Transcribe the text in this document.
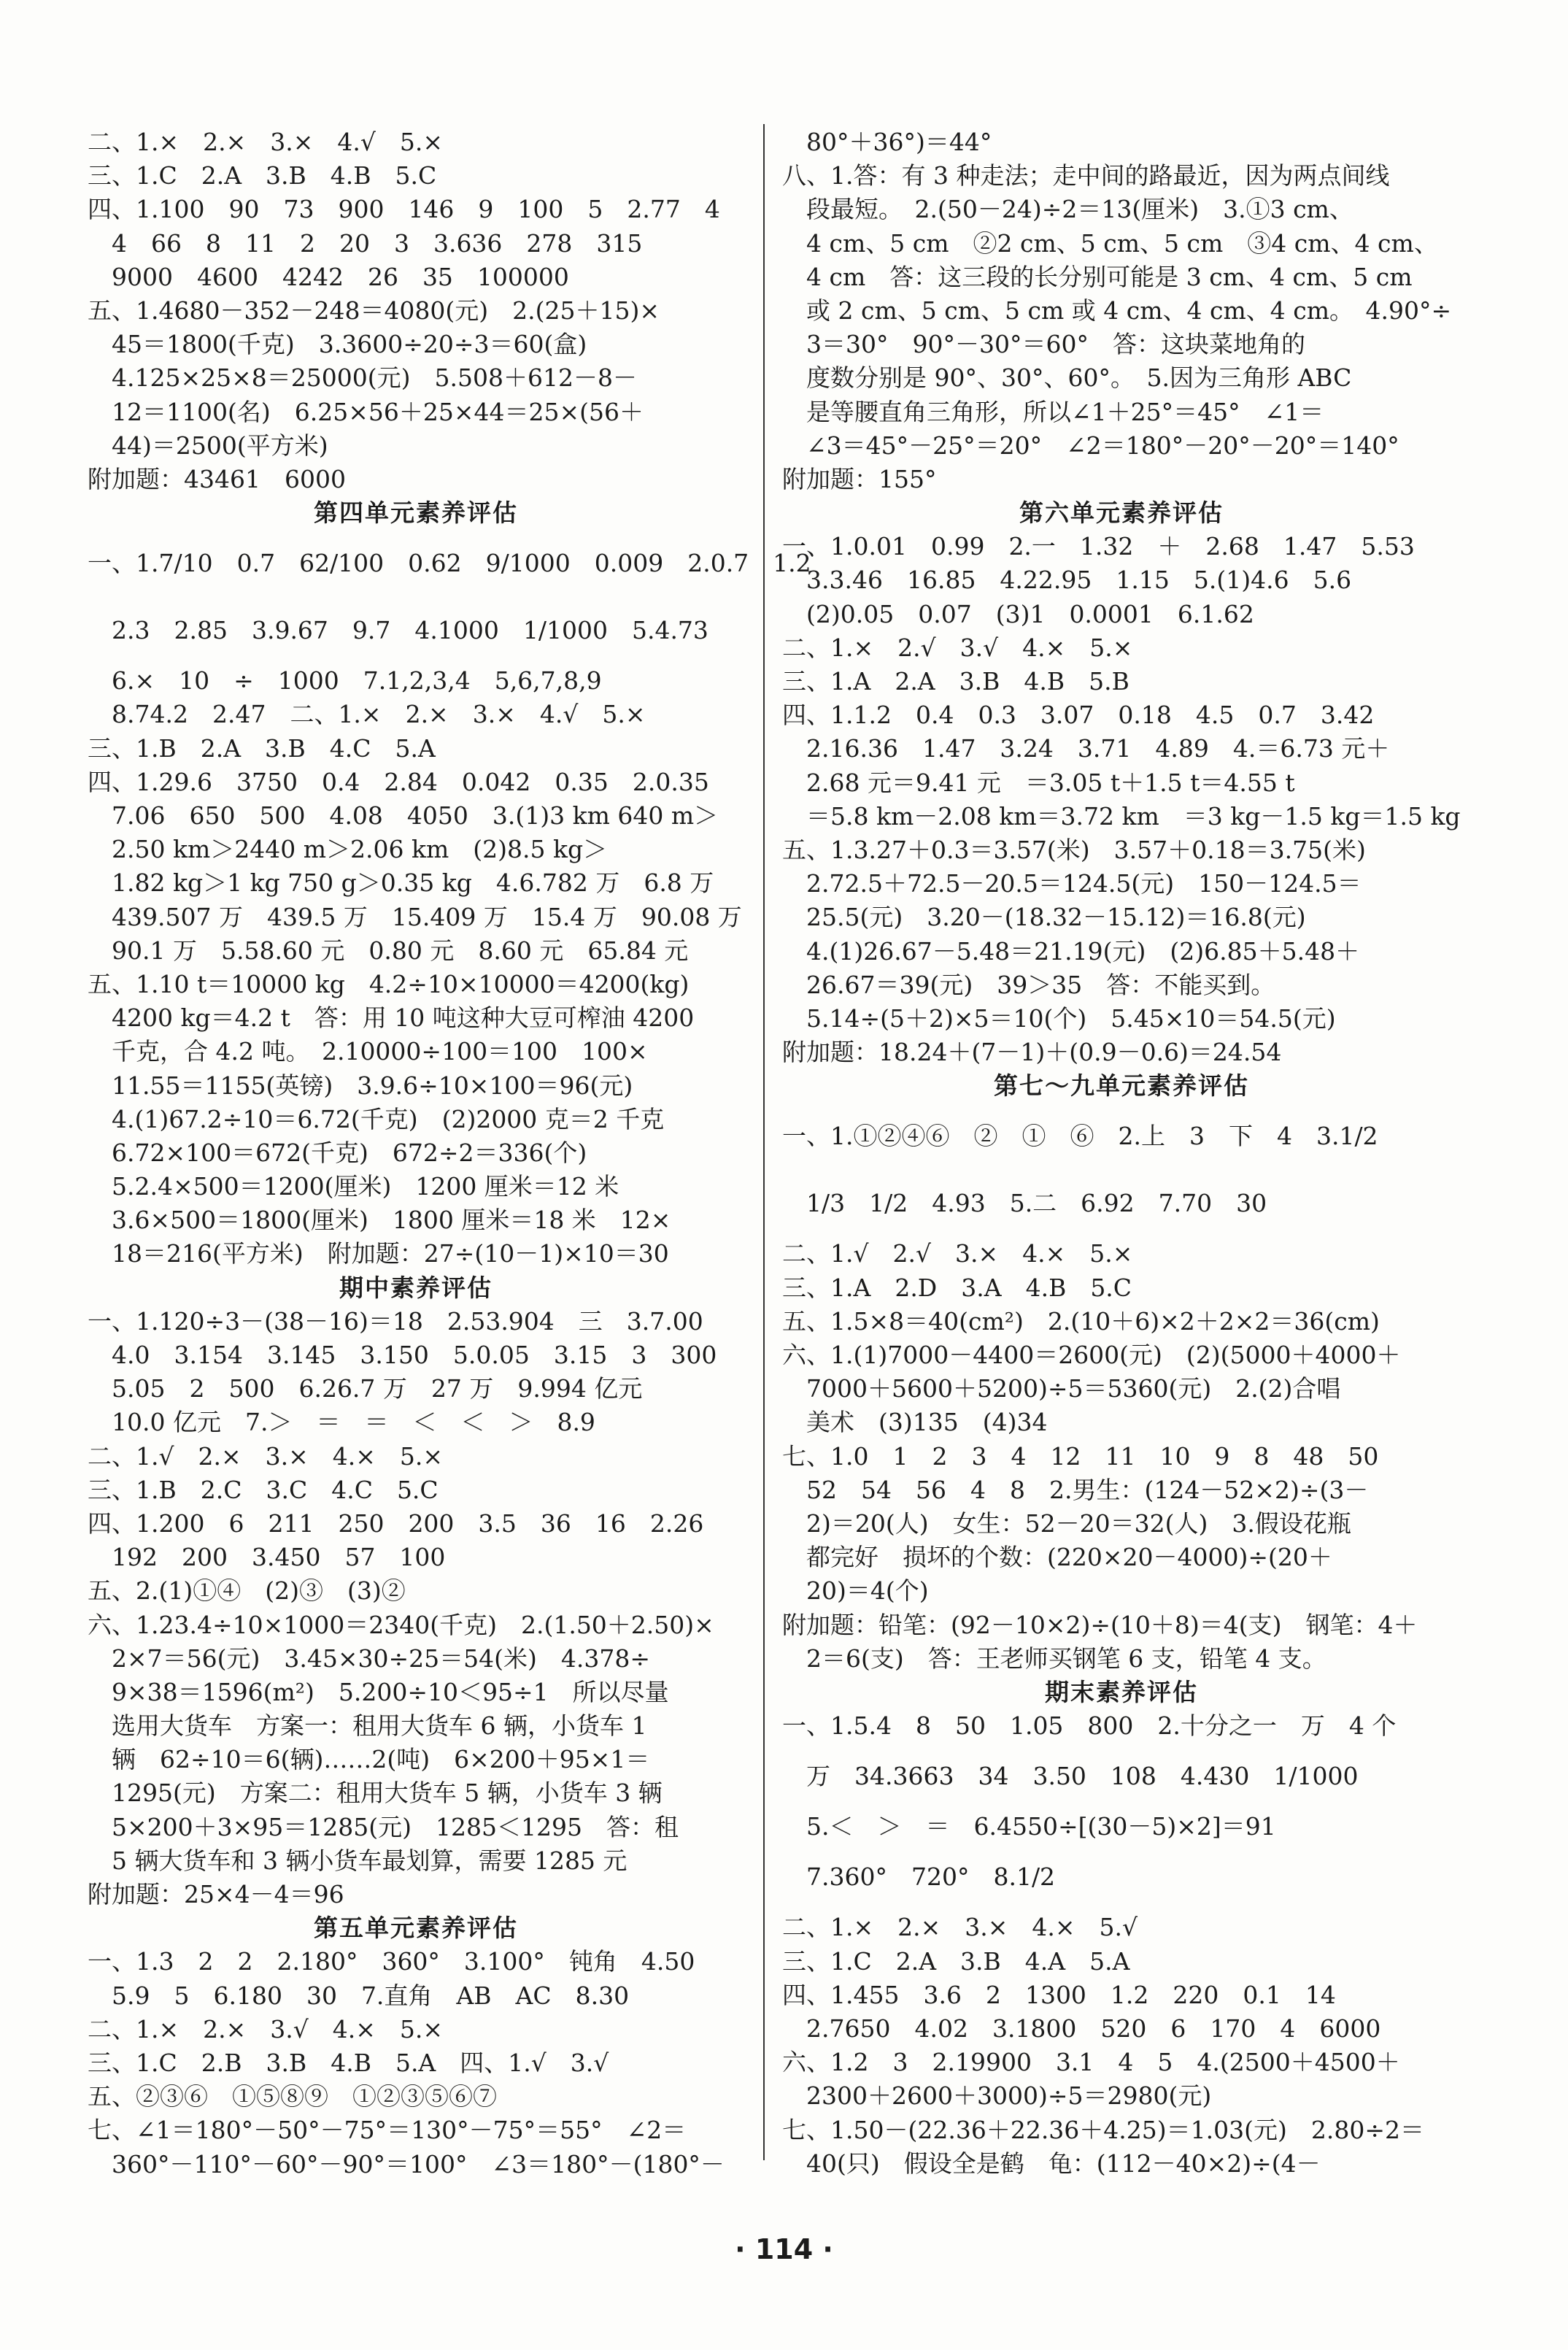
二、1.×　2.×　3.×　4.√　5.×
三、1.C　2.A　3.B　4.B　5.C
四、1.100　90　73　900　146　9　100　5　2.77　4
　4　66　8　11　2　20　3　3.636　278　315
　9000　4600　4242　26　35　100000
五、1.4680－352－248＝4080(元)　2.(25＋15)×
　45＝1800(千克)　3.3600÷20÷3＝60(盒)
　4.125×25×8＝25000(元)　5.508＋612－8－
　12＝1100(名)　6.25×56＋25×44＝25×(56＋
　44)＝2500(平方米)
附加题：43461　6000
第四单元素养评估
一、1.7/10　0.7　62/100　0.62　9/1000　0.009　2.0.7　1.2
　2.3　2.85　3.9.67　9.7　4.1000　1/1000　5.4.73
　6.×　10　÷　1000　7.1,2,3,4　5,6,7,8,9
　8.74.2　2.47　二、1.×　2.×　3.×　4.√　5.×
三、1.B　2.A　3.B　4.C　5.A
四、1.29.6　3750　0.4　2.84　0.042　0.35　2.0.35
　7.06　650　500　4.08　4050　3.(1)3 km 640 m＞
　2.50 km＞2440 m＞2.06 km　(2)8.5 kg＞
　1.82 kg＞1 kg 750 g＞0.35 kg　4.6.782 万　6.8 万
　439.507 万　439.5 万　15.409 万　15.4 万　90.08 万
　90.1 万　5.58.60 元　0.80 元　8.60 元　65.84 元
五、1.10 t＝10000 kg　4.2÷10×10000＝4200(kg)
　4200 kg＝4.2 t　答：用 10 吨这种大豆可榨油 4200
　千克，合 4.2 吨。　2.10000÷100＝100　100×
　11.55＝1155(英镑)　3.9.6÷10×100＝96(元)
　4.(1)67.2÷10＝6.72(千克)　(2)2000 克＝2 千克
　6.72×100＝672(千克)　672÷2＝336(个)
　5.2.4×500＝1200(厘米)　1200 厘米＝12 米
　3.6×500＝1800(厘米)　1800 厘米＝18 米　12×
　18＝216(平方米)　附加题：27÷(10－1)×10＝30
期中素养评估
一、1.120÷3－(38－16)＝18　2.53.904　三　3.7.00
　4.0　3.154　3.145　3.150　5.0.05　3.15　3　300
　5.05　2　500　6.26.7 万　27 万　9.994 亿元
　10.0 亿元　7.＞　＝　＝　＜　＜　＞　8.9
二、1.√　2.×　3.×　4.×　5.×
三、1.B　2.C　3.C　4.C　5.C
四、1.200　6　211　250　200　3.5　36　16　2.26
　192　200　3.450　57　100
五、2.(1)①④　(2)③　(3)②
六、1.23.4÷10×1000＝2340(千克)　2.(1.50＋2.50)×
　2×7＝56(元)　3.45×30÷25＝54(米)　4.378÷
　9×38＝1596(m²)　5.200÷10＜95÷1　所以尽量
　选用大货车　方案一：租用大货车 6 辆，小货车 1
　辆　62÷10＝6(辆)……2(吨)　6×200＋95×1＝
　1295(元)　方案二：租用大货车 5 辆，小货车 3 辆
　5×200＋3×95＝1285(元)　1285＜1295　答：租
　5 辆大货车和 3 辆小货车最划算，需要 1285 元
附加题：25×4－4＝96
第五单元素养评估
一、1.3　2　2　2.180°　360°　3.100°　钝角　4.50
　5.9　5　6.180　30　7.直角　AB　AC　8.30
二、1.×　2.×　3.√　4.×　5.×
三、1.C　2.B　3.B　4.B　5.A　四、1.√　3.√
五、②③⑥　①⑤⑧⑨　①②③⑤⑥⑦
七、∠1＝180°－50°－75°＝130°－75°＝55°　∠2＝
　360°－110°－60°－90°＝100°　∠3＝180°－(180°－
　80°＋36°)＝44°
八、1.答：有 3 种走法；走中间的路最近，因为两点间线
　段最短。　2.(50－24)÷2＝13(厘米)　3.①3 cm、
　4 cm、5 cm　②2 cm、5 cm、5 cm　③4 cm、4 cm、
　4 cm　答：这三段的长分别可能是 3 cm、4 cm、5 cm
　或 2 cm、5 cm、5 cm 或 4 cm、4 cm、4 cm。　4.90°÷
　3＝30°　90°－30°＝60°　答：这块菜地角的
　度数分别是 90°、30°、60°。　5.因为三角形 ABC
　是等腰直角三角形，所以∠1＋25°＝45°　∠1＝
　∠3＝45°－25°＝20°　∠2＝180°－20°－20°＝140°
附加题：155°
第六单元素养评估
一、1.0.01　0.99　2.一　1.32　＋　2.68　1.47　5.53
　3.3.46　16.85　4.22.95　1.15　5.(1)4.6　5.6
　(2)0.05　0.07　(3)1　0.0001　6.1.62
二、1.×　2.√　3.√　4.×　5.×
三、1.A　2.A　3.B　4.B　5.B
四、1.1.2　0.4　0.3　3.07　0.18　4.5　0.7　3.42
　2.16.36　1.47　3.24　3.71　4.89　4.＝6.73 元＋
　2.68 元＝9.41 元　＝3.05 t＋1.5 t＝4.55 t
　＝5.8 km－2.08 km＝3.72 km　＝3 kg－1.5 kg＝1.5 kg
五、1.3.27＋0.3＝3.57(米)　3.57＋0.18＝3.75(米)
　2.72.5＋72.5－20.5＝124.5(元)　150－124.5＝
　25.5(元)　3.20－(18.32－15.12)＝16.8(元)
　4.(1)26.67－5.48＝21.19(元)　(2)6.85＋5.48＋
　26.67＝39(元)　39＞35　答：不能买到。
　5.14÷(5＋2)×5＝10(个)　5.45×10＝54.5(元)
附加题：18.24＋(7－1)＋(0.9－0.6)＝24.54
第七～九单元素养评估
一、1.①②④⑥　②　①　⑥　2.上　3　下　4　3.1/2
　1/3　1/2　4.93　5.二　6.92　7.70　30
二、1.√　2.√　3.×　4.×　5.×
三、1.A　2.D　3.A　4.B　5.C
五、1.5×8＝40(cm²)　2.(10＋6)×2＋2×2＝36(cm)
六、1.(1)7000－4400＝2600(元)　(2)(5000＋4000＋
　7000＋5600＋5200)÷5＝5360(元)　2.(2)合唱
　美术　(3)135　(4)34
七、1.0　1　2　3　4　12　11　10　9　8　48　50
　52　54　56　4　8　2.男生：(124－52×2)÷(3－
　2)＝20(人)　女生：52－20＝32(人)　3.假设花瓶
　都完好　损坏的个数：(220×20－4000)÷(20＋
　20)＝4(个)
附加题：铅笔：(92－10×2)÷(10＋8)＝4(支)　钢笔：4＋
　2＝6(支)　答：王老师买钢笔 6 支，铅笔 4 支。
期末素养评估
一、1.5.4　8　50　1.05　800　2.十分之一　万　4 个
　万　34.3663　34　3.50　108　4.430　1/1000
　5.＜　＞　＝　6.4550÷[(30－5)×2]＝91
　7.360°　720°　8.1/2
二、1.×　2.×　3.×　4.×　5.√
三、1.C　2.A　3.B　4.A　5.A
四、1.455　3.6　2　1300　1.2　220　0.1　14
　2.7650　4.02　3.1800　520　6　170　4　6000
六、1.2　3　2.19900　3.1　4　5　4.(2500＋4500＋
　2300＋2600＋3000)÷5＝2980(元)
七、1.50－(22.36＋22.36＋4.25)＝1.03(元)　2.80÷2＝
　40(只)　假设全是鹤　龟：(112－40×2)÷(4－
· 114 ·
